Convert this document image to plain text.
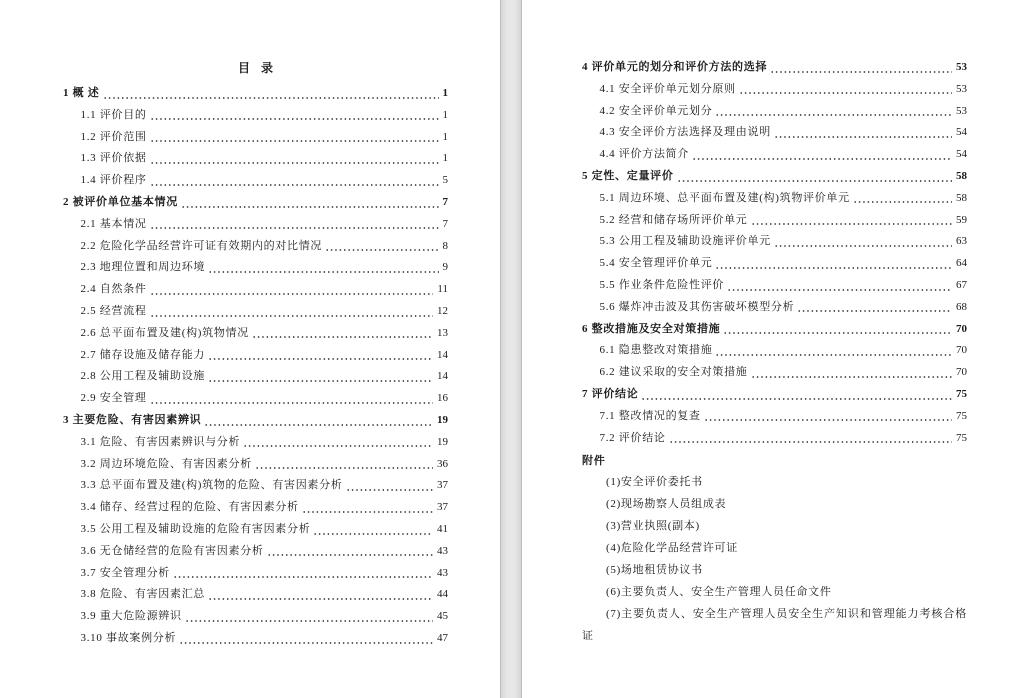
目 录
1 概 述	1
1.1 评价目的	1
1.2 评价范围	1
1.3 评价依据	1
1.4 评价程序	5
2 被评价单位基本情况	7
2.1 基本情况	7
2.2 危险化学品经营许可证有效期内的对比情况	8
2.3 地理位置和周边环境	9
2.4 自然条件	11
2.5 经营流程	12
2.6 总平面布置及建(构)筑物情况	13
2.7 储存设施及储存能力	14
2.8 公用工程及辅助设施	14
2.9 安全管理	16
3 主要危险、有害因素辨识	19
3.1 危险、有害因素辨识与分析	19
3.2 周边环境危险、有害因素分析	36
3.3 总平面布置及建(构)筑物的危险、有害因素分析	37
3.4 储存、经营过程的危险、有害因素分析	37
3.5 公用工程及辅助设施的危险有害因素分析	41
3.6 无仓储经营的危险有害因素分析	43
3.7 安全管理分析	43
3.8 危险、有害因素汇总	44
3.9 重大危险源辨识	45
3.10 事故案例分析	47
4 评价单元的划分和评价方法的选择	53
4.1 安全评价单元划分原则	53
4.2 安全评价单元划分	53
4.3 安全评价方法选择及理由说明	54
4.4 评价方法简介	54
5 定性、定量评价	58
5.1 周边环境、总平面布置及建(构)筑物评价单元	58
5.2 经营和储存场所评价单元	59
5.3 公用工程及辅助设施评价单元	63
5.4 安全管理评价单元	64
5.5 作业条件危险性评价	67
5.6 爆炸冲击波及其伤害破坏模型分析	68
6 整改措施及安全对策措施	70
6.1 隐患整改对策措施	70
6.2 建议采取的安全对策措施	70
7 评价结论	75
7.1 整改情况的复查	75
7.2 评价结论	75
附件
(1)安全评价委托书
(2)现场勘察人员组成表
(3)营业执照(副本)
(4)危险化学品经营许可证
(5)场地租赁协议书
(6)主要负责人、安全生产管理人员任命文件
(7)主要负责人、安全生产管理人员安全生产知识和管理能力考核合格证
